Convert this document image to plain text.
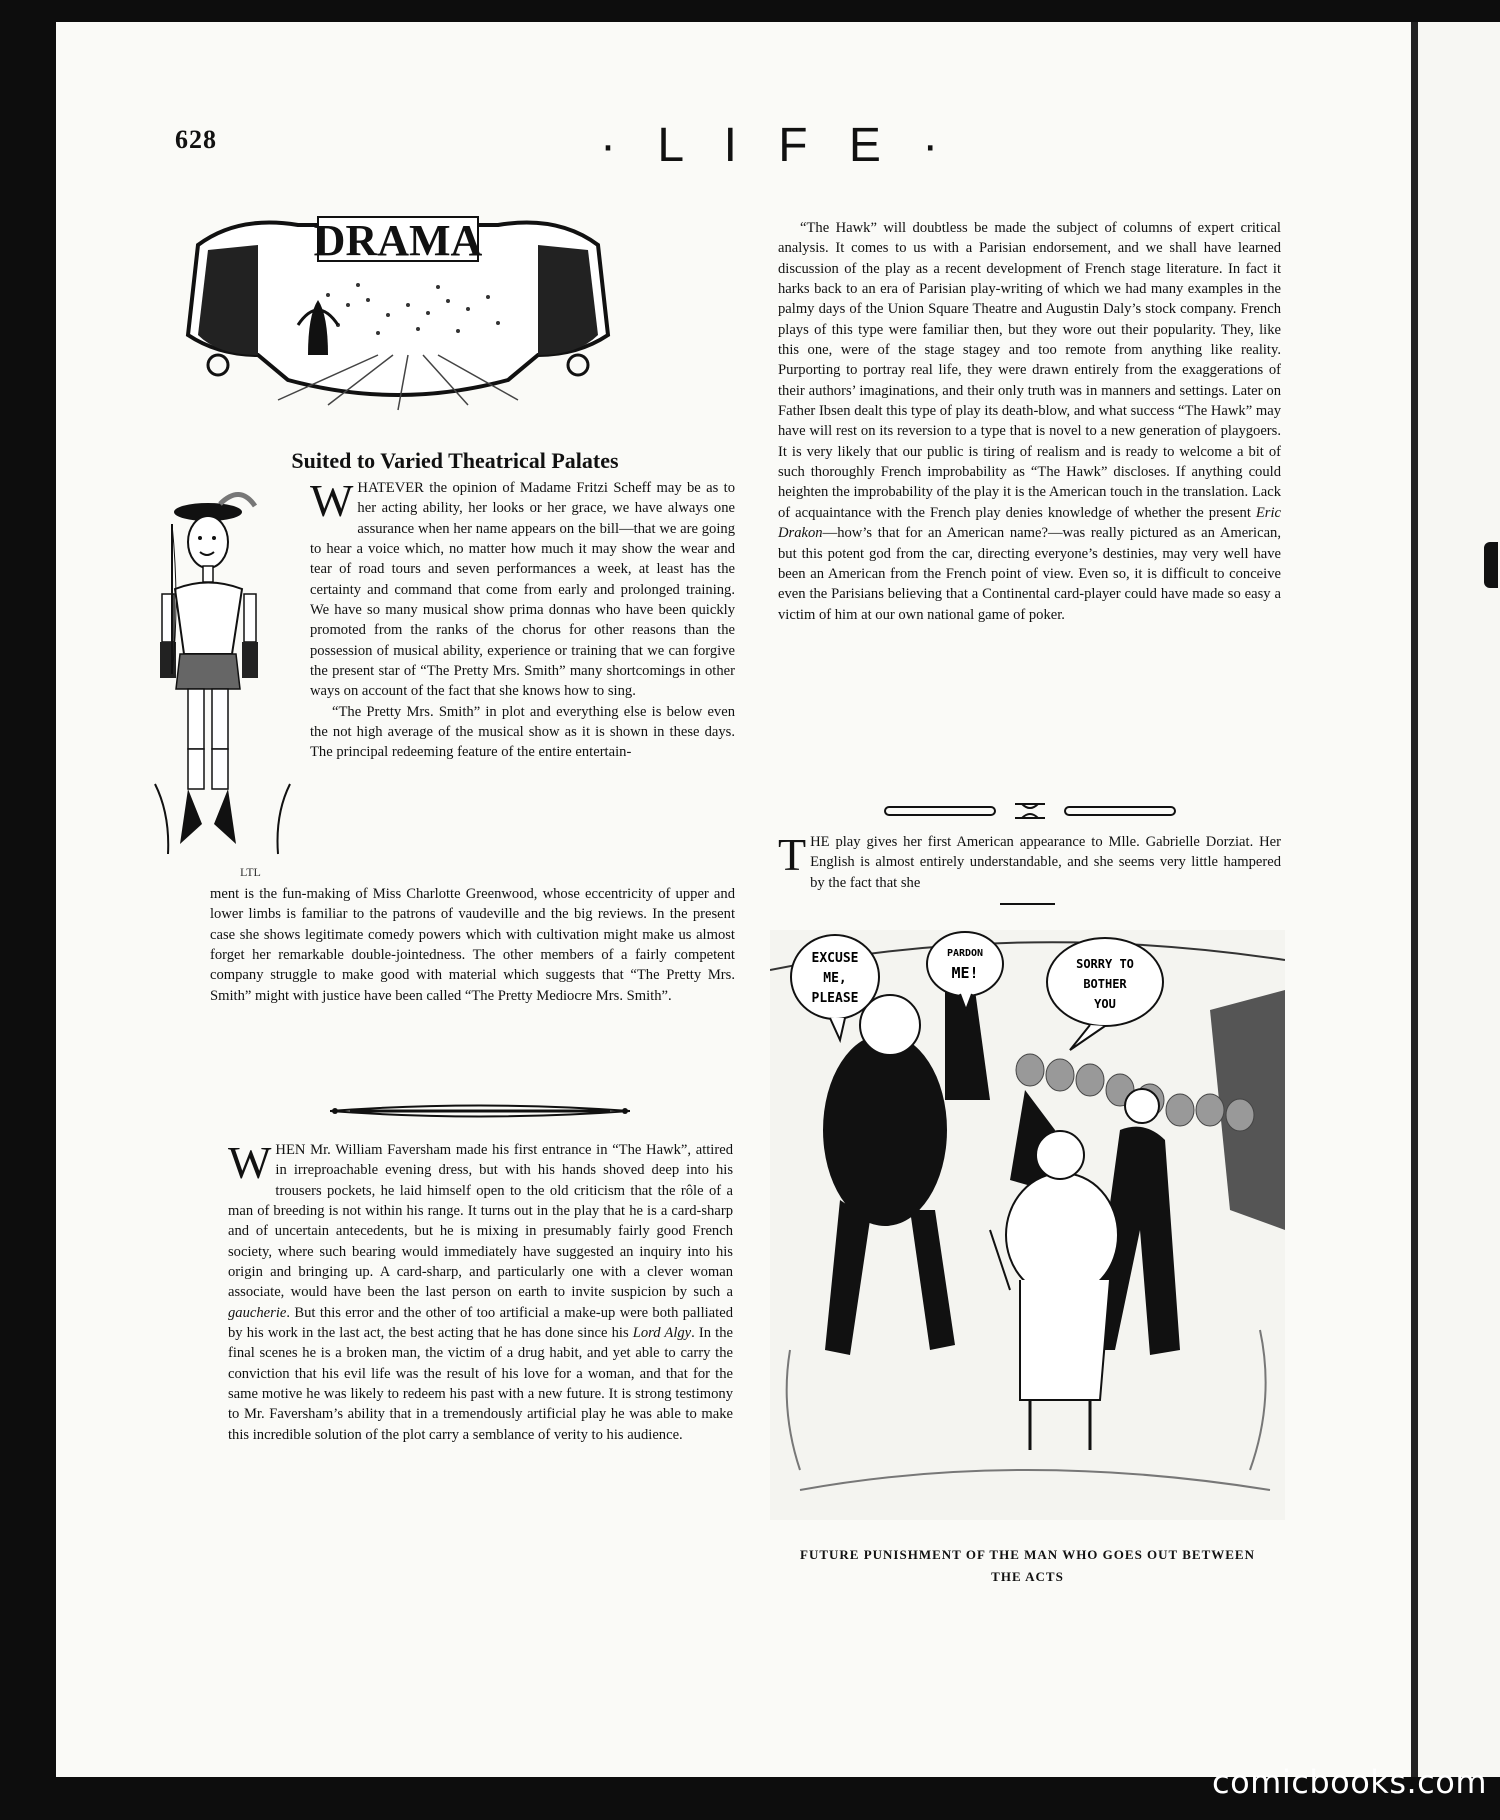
628	· L I F E ·
DRAMA
Suited to Varied Theatrical Palates
LTL

WHATEVER the opinion of Madame Fritzi Scheff may be as to her acting ability, her looks or her grace, we have always one assurance when her name appears on the bill—that we are going to hear a voice which, no matter how much it may show the wear and tear of road tours and seven performances a week, at least has the certainty and command that come from early and prolonged training. We have so many musical show prima donnas who have been quickly promoted from the ranks of the chorus for other reasons than the possession of musical ability, experience or training that we can forgive the present star of “The Pretty Mrs. Smith” many shortcomings in other ways on account of the fact that she knows how to sing.

“The Pretty Mrs. Smith” in plot and everything else is below even the not high average of the musical show as it is shown in these days. The principal redeeming feature of the entire entertain-

ment is the fun-making of Miss Charlotte Greenwood, whose eccentricity of upper and lower limbs is familiar to the patrons of vaudeville and the big reviews. In the present case she shows legitimate comedy powers which with cultivation might make us almost forget her remarkable double-jointedness. The other members of a fairly competent company struggle to make good with material which suggests that “The Pretty Mrs. Smith” might with justice have been called “The Pretty Mediocre Mrs. Smith”.

WHEN Mr. William Faversham made his first entrance in “The Hawk”, attired in irreproachable evening dress, but with his hands shoved deep into his trousers pockets, he laid himself open to the old criticism that the rôle of a man of breeding is not within his range. It turns out in the play that he is a card-sharp and of uncertain antecedents, but he is mixing in presumably fairly good French society, where such bearing would immediately have suggested an inquiry into his origin and bringing up. A card-sharp, and particularly one with a clever woman associate, would have been the last person on earth to invite suspicion by such a gaucherie. But this error and the other of too artificial a make-up were both palliated by his work in the last act, the best acting that he has done since his Lord Algy. In the final scenes he is a broken man, the victim of a drug habit, and yet able to carry the conviction that his evil life was the result of his love for a woman, and that for the same motive he was likely to redeem his past with a new future. It is strong testimony to Mr. Faversham’s ability that in a tremendously artificial play he was able to make this incredible solution of the plot carry a semblance of verity to his audience.

“The Hawk” will doubtless be made the subject of columns of expert critical analysis. It comes to us with a Parisian endorsement, and we shall have learned discussion of the play as a recent development of French stage literature. In fact it harks back to an era of Parisian play-writing of which we had many examples in the palmy days of the Union Square Theatre and Augustin Daly’s stock company. French plays of this type were familiar then, but they wore out their popularity. They, like this one, were of the stage stagey and too remote from anything like reality. Purporting to portray real life, they were drawn entirely from the exaggerations of their authors’ imaginations, and their only truth was in manners and settings. Later on Father Ibsen dealt this type of play its death-blow, and what success “The Hawk” may have will rest on its reversion to a type that is novel to a new generation of playgoers. It is very likely that our public is tiring of realism and is ready to welcome a bit of such thoroughly French improbability as “The Hawk” discloses. If anything could heighten the improbability of the play it is the American touch in the translation. Lack of acquaintance with the French play denies knowledge of whether the present Eric Drakon—how’s that for an American name?—was really pictured as an American, but this potent god from the car, directing everyone’s destinies, may very well have been an American from the French point of view. Even so, it is difficult to conceive even the Parisians believing that a Continental card-player could have made so easy a victim of him at our own national game of poker.

THE play gives her first American appearance to Mlle. Gabrielle Dorziat. Her English is almost entirely understandable, and she seems very little hampered by the fact that she

EXCUSE
ME,
PLEASE
PARDON
ME!	SORRY TO
BOTHER
YOU
FUTURE PUNISHMENT OF THE MAN WHO GOES OUT BETWEEN
THE ACTS
comicbooks.com
